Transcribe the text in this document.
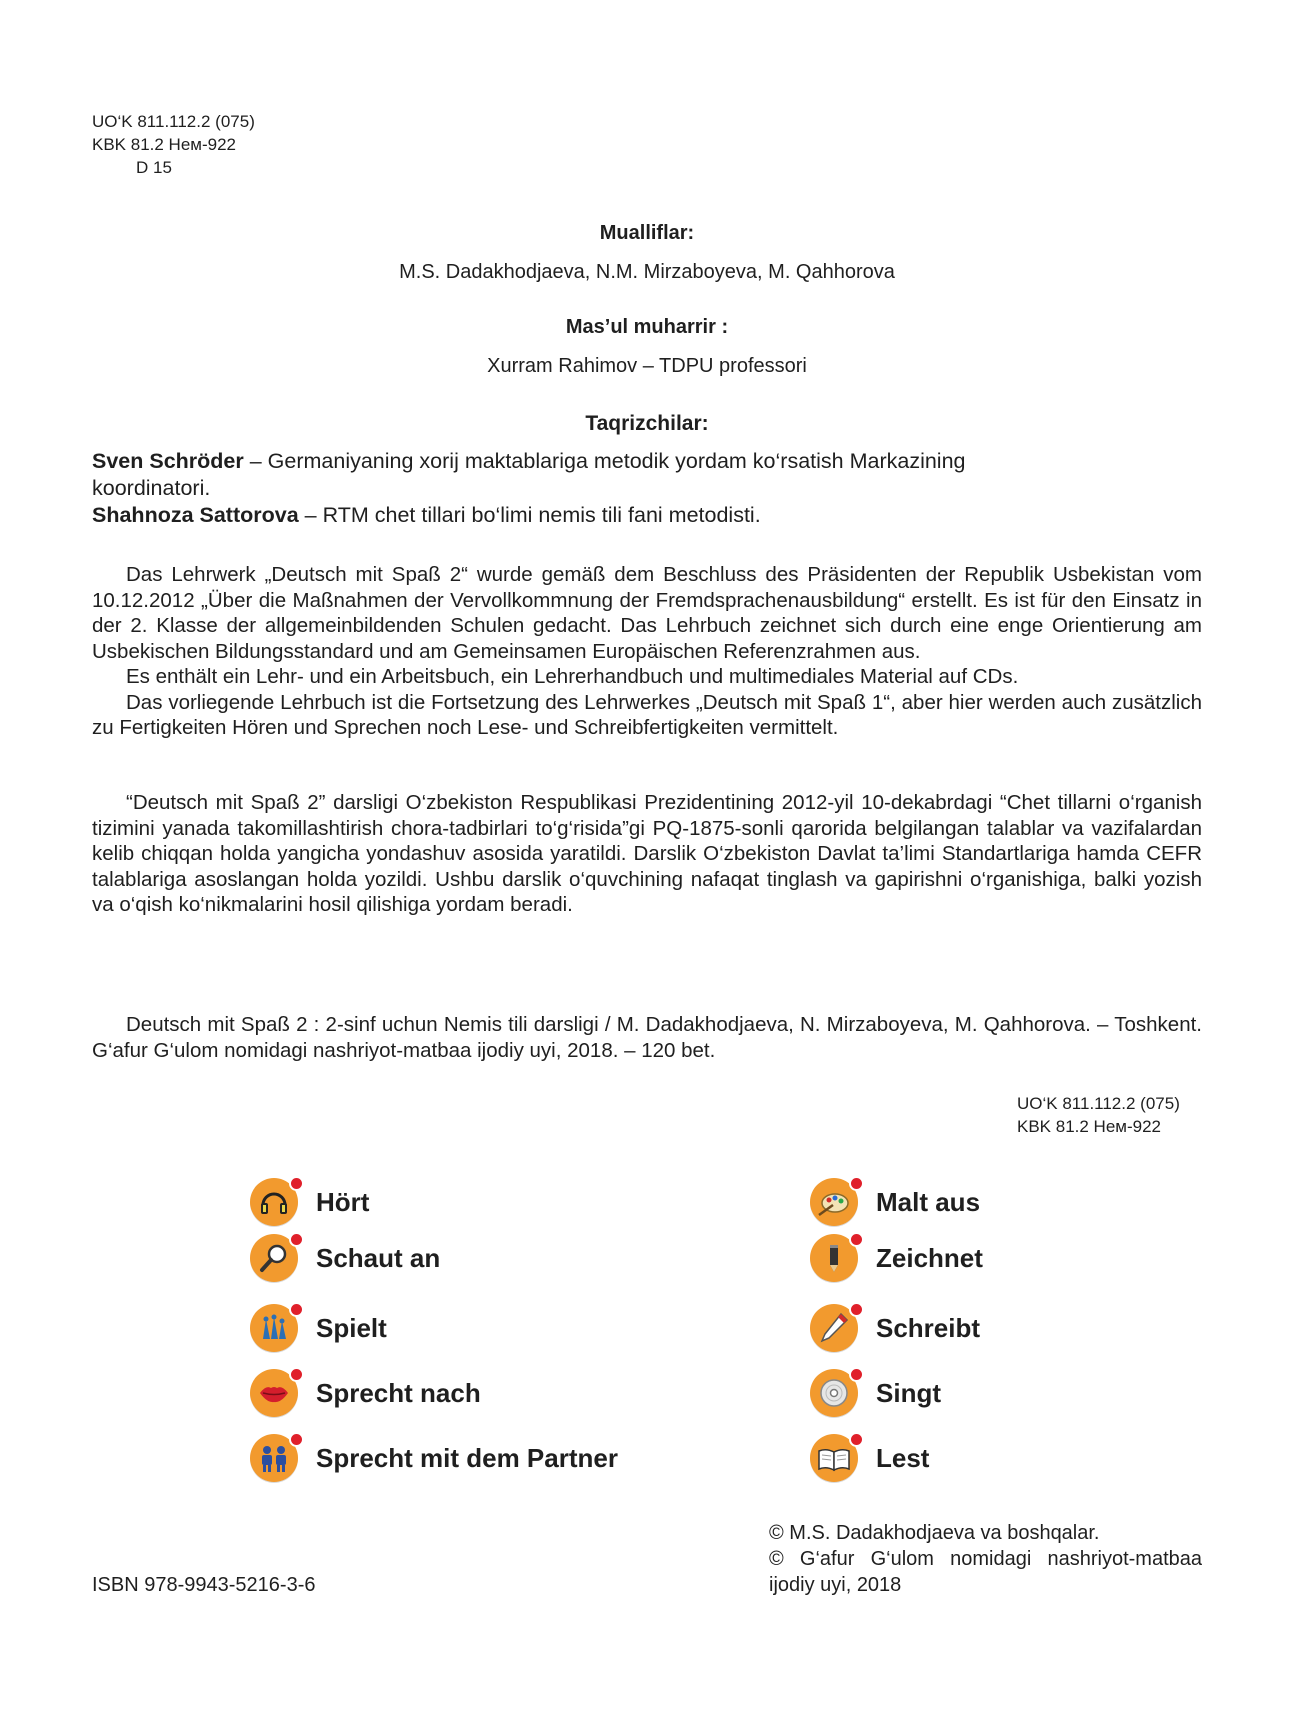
UO‘K 811.112.2 (075)
KBK 81.2 Нем-922
D 15
Mualliflar:
M.S. Dadakhodjaeva, N.M. Mirzaboyeva, M. Qahhorova
Mas’ul muharrir :
Xurram Rahimov – TDPU professori
Taqrizchilar:
Sven Schröder – Germaniyaning xorij maktablariga metodik yordam ko‘rsatish Markazining koordinatori.
Shahnoza Sattorova – RTM chet tillari bo‘limi nemis tili fani metodisti.

Das Lehrwerk „Deutsch mit Spaß 2“ wurde gemäß dem Beschluss des Präsidenten der Republik Usbekistan vom 10.12.2012 „Über die Maßnahmen der Vervollkommnung der Fremdsprachenausbildung“ erstellt. Es ist für den Einsatz in der 2. Klasse der allgemeinbildenden Schulen gedacht. Das Lehrbuch zeichnet sich durch eine enge Orientierung am Usbekischen Bildungsstandard und am Gemeinsamen Europäischen Referenzrahmen aus.

Es enthält ein Lehr- und ein Arbeitsbuch, ein Lehrerhandbuch und multimediales Material auf CDs.

Das vorliegende Lehrbuch ist die Fortsetzung des Lehrwerkes „Deutsch mit Spaß 1“, aber hier werden auch zusätzlich zu Fertigkeiten Hören und Sprechen noch Lese- und Schreibfertigkeiten vermittelt.

“Deutsch mit Spaß 2” darsligi O‘zbekiston Respublikasi Prezidentining 2012-yil 10-dekabrdagi “Chet tillarni o‘rganish tizimini yanada takomillashtirish chora-tadbirlari to‘g‘risida”gi PQ-1875-sonli qarorida belgilangan talablar va vazifalardan kelib chiqqan holda yangicha yondashuv asosida yaratildi. Darslik O‘zbekiston Davlat ta’limi Standartlariga hamda CEFR talablariga asoslangan holda yozildi. Ushbu darslik o‘quvchining nafaqat tinglash va gapirishni o‘rganishiga, balki yozish va o‘qish ko‘nikmalarini hosil qilishiga yordam beradi.

Deutsch mit Spaß 2 : 2-sinf uchun Nemis tili darsligi / M. Dadakhodjaeva, N. Mirzaboyeva, M. Qahhorova. – Toshkent. G‘afur G‘ulom nomidagi nashriyot-matbaa ijodiy uyi, 2018. – 120 bet.

UO‘K 811.112.2 (075)
KBK 81.2 Нем-922
Hört
Schaut an
Spielt
Sprecht nach
Sprecht mit dem Partner
Malt aus
Zeichnet
Schreibt
Singt
Lest
© M.S. Dadakhodjaeva va boshqalar.
© G‘afur G‘ulom nomidagi nashriyot-matbaa ijodiy uyi, 2018
ISBN 978-9943-5216-3-6
